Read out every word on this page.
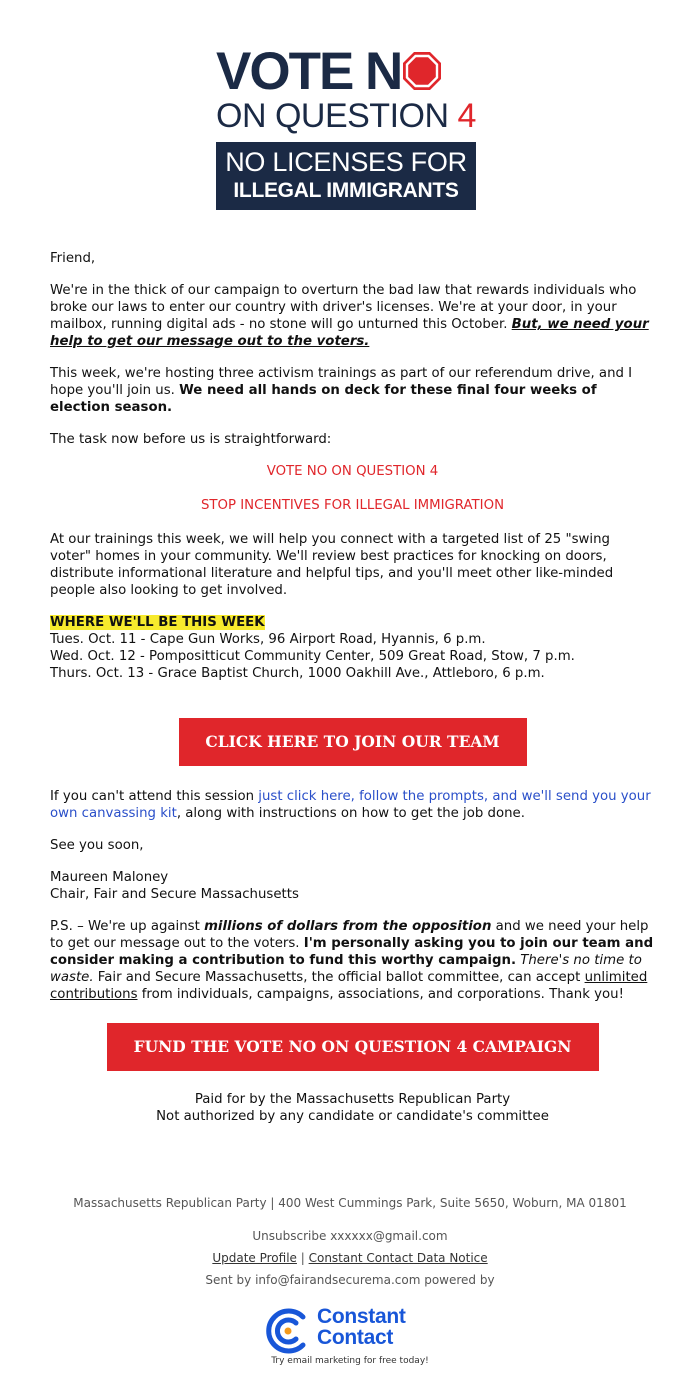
VOTE N
ON QUESTION 4
NO LICENSES FOR
ILLEGAL IMMIGRANTS

Friend,

We're in the thick of our campaign to overturn the bad law that rewards individuals who broke our laws to enter our country with driver's licenses. We're at your door, in your mailbox, running digital ads - no stone will go unturned this October. But, we need your help to get our message out to the voters.

This week, we're hosting three activism trainings as part of our referendum drive, and I hope you'll join us. We need all hands on deck for these final four weeks of election season.

The task now before us is straightforward:

VOTE NO ON QUESTION 4

STOP INCENTIVES FOR ILLEGAL IMMIGRATION

At our trainings this week, we will help you connect with a targeted list of 25 "swing voter" homes in your community. We'll review best practices for knocking on doors, distribute informational literature and helpful tips, and you'll meet other like-minded people also looking to get involved.

WHERE WE'LL BE THIS WEEK
Tues. Oct. 11 - Cape Gun Works, 96 Airport Road, Hyannis, 6 p.m.
Wed. Oct. 12 - Pompositticut Community Center, 509 Great Road, Stow, 7 p.m.
Thurs. Oct. 13 - Grace Baptist Church, 1000 Oakhill Ave., Attleboro, 6 p.m.

CLICK HERE TO JOIN OUR TEAM

If you can't attend this session just click here, follow the prompts, and we'll send you your own canvassing kit, along with instructions on how to get the job done.

See you soon,

Maureen Maloney
Chair, Fair and Secure Massachusetts

P.S. – We're up against millions of dollars from the opposition and we need your help to get our message out to the voters. I'm personally asking you to join our team and consider making a contribution to fund this worthy campaign. There's no time to waste. Fair and Secure Massachusetts, the official ballot committee, can accept unlimited contributions from individuals, campaigns, associations, and corporations. Thank you!

FUND THE VOTE NO ON QUESTION 4 CAMPAIGN

Paid for by the Massachusetts Republican Party

Not authorized by any candidate or candidate's committee

Massachusetts Republican Party | 400 West Cummings Park, Suite 5650, Woburn, MA 01801
Unsubscribe xxxxxx@gmail.com
Update Profile | Constant Contact Data Notice
Sent by info@fairandsecurema.com powered by
Constant
Contact
Try email marketing for free today!
